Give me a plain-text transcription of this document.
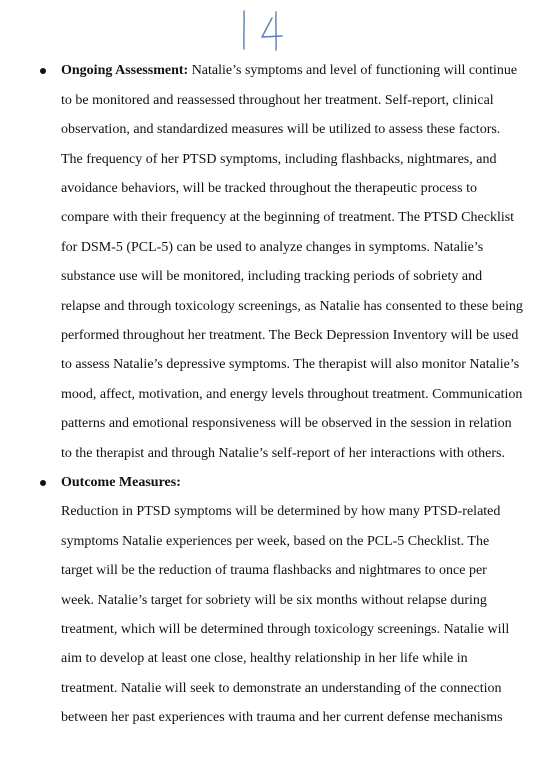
Ongoing Assessment: Natalie’s symptoms and level of functioning will continue
to be monitored and reassessed throughout her treatment. Self-report, clinical
observation, and standardized measures will be utilized to assess these factors.
The frequency of her PTSD symptoms, including flashbacks, nightmares, and
avoidance behaviors, will be tracked throughout the therapeutic process to
compare with their frequency at the beginning of treatment. The PTSD Checklist
for DSM-5 (PCL-5) can be used to analyze changes in symptoms. Natalie’s
substance use will be monitored, including tracking periods of sobriety and
relapse and through toxicology screenings, as Natalie has consented to these being
performed throughout her treatment. The Beck Depression Inventory will be used
to assess Natalie’s depressive symptoms. The therapist will also monitor Natalie’s
mood, affect, motivation, and energy levels throughout treatment. Communication
patterns and emotional responsiveness will be observed in the session in relation
to the therapist and through Natalie’s self-report of her interactions with others.
Outcome Measures:
Reduction in PTSD symptoms will be determined by how many PTSD-related
symptoms Natalie experiences per week, based on the PCL-5 Checklist. The
target will be the reduction of trauma flashbacks and nightmares to once per
week. Natalie’s target for sobriety will be six months without relapse during
treatment, which will be determined through toxicology screenings. Natalie will
aim to develop at least one close, healthy relationship in her life while in
treatment. Natalie will seek to demonstrate an understanding of the connection
between her past experiences with trauma and her current defense mechanisms
